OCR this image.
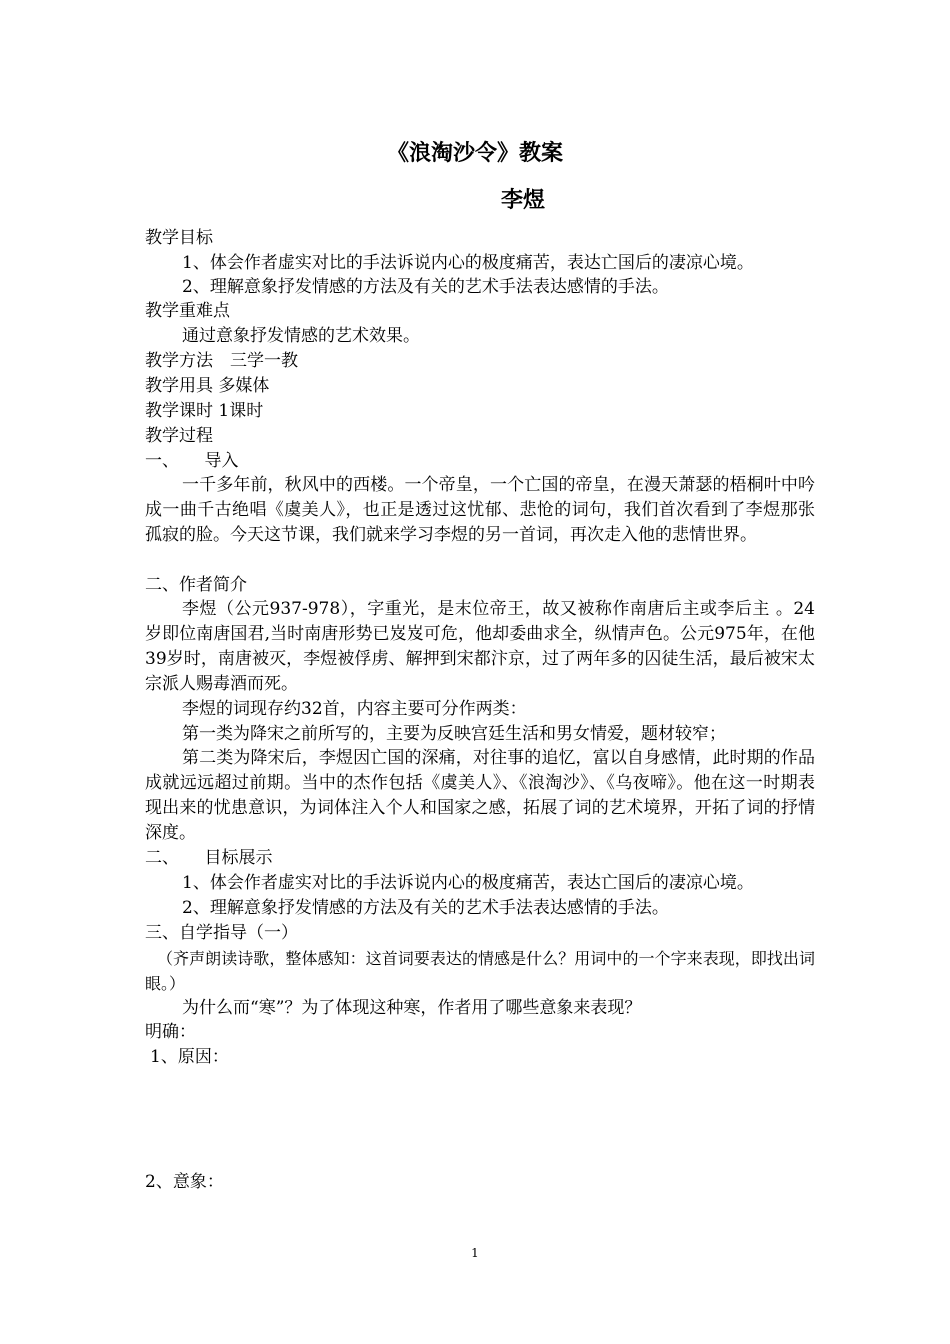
《浪淘沙令》教案
李煜
教学目标
1、体会作者虚实对比的手法诉说内心的极度痛苦，表达亡国后的凄凉心境。
2、理解意象抒发情感的方法及有关的艺术手法表达感情的手法。
教学重难点
通过意象抒发情感的艺术效果。
教学方法　三学一教
教学用具 多媒体
教学课时 1课时
教学过程
一、　　导入
一千多年前，秋风中的西楼。一个帝皇，一个亡国的帝皇，在漫天萧瑟的梧桐叶中吟成一曲千古绝唱《虞美人》，也正是透过这忧郁、悲怆的词句，我们首次看到了李煜那张孤寂的脸。今天这节课，我们就来学习李煜的另一首词，再次走入他的悲情世界。
二、作者简介
李煜（公元937-978），字重光，是末位帝王，故又被称作南唐后主或李后主 。24岁即位南唐国君,当时南唐形势已岌岌可危，他却委曲求全，纵情声色。公元975年，在他39岁时，南唐被灭，李煜被俘虏、解押到宋都汴京，过了两年多的囚徒生活，最后被宋太宗派人赐毒酒而死。
李煜的词现存约32首，内容主要可分作两类：
第一类为降宋之前所写的，主要为反映宫廷生活和男女情爱，题材较窄；
第二类为降宋后，李煜因亡国的深痛，对往事的追忆，富以自身感情，此时期的作品成就远远超过前期。当中的杰作包括《虞美人》、《浪淘沙》、《乌夜啼》。他在这一时期表现出来的忧患意识，为词体注入个人和国家之感，拓展了词的艺术境界，开拓了词的抒情深度。
二、　　目标展示
1、体会作者虚实对比的手法诉说内心的极度痛苦，表达亡国后的凄凉心境。
2、理解意象抒发情感的方法及有关的艺术手法表达感情的手法。
三、自学指导（一）
（齐声朗读诗歌，整体感知：这首词要表达的情感是什么？用词中的一个字来表现，即找出词眼。）
为什么而“寒”？为了体现这种寒，作者用了哪些意象来表现？
明确：
1、原因：
2、意象：
1
